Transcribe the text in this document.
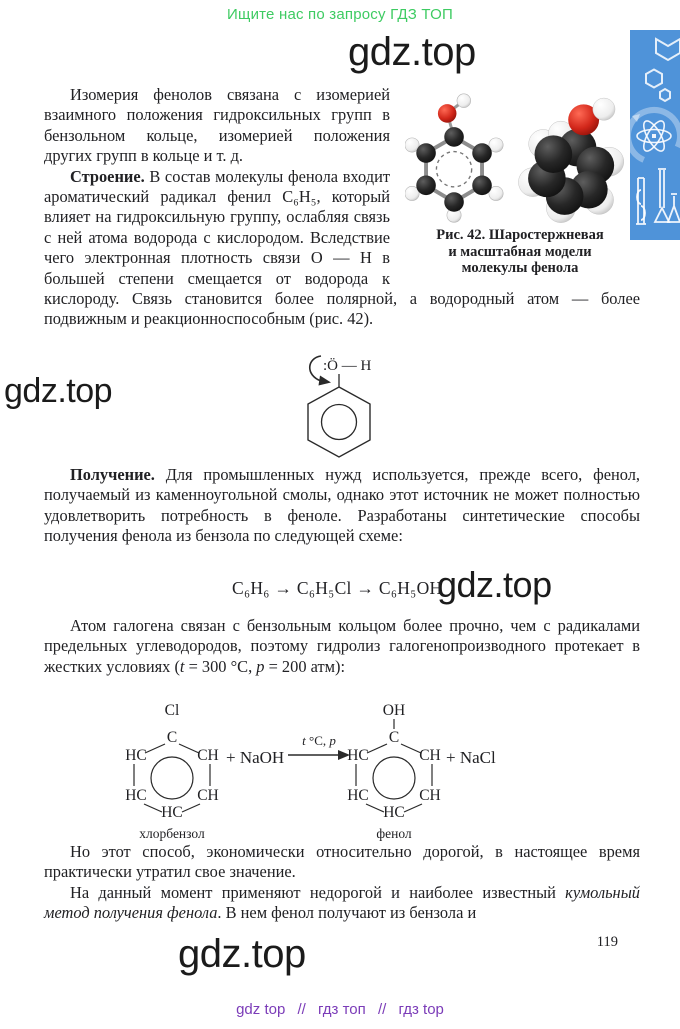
Ищите нас по запросу ГДЗ ТОП
gdz.top
gdz.top
gdz.top
gdz.top
Рис. 42. Шаростержневая
и масштабная модели
молекулы фенола

Изомерия фенолов связана с изомерией взаимного положения гидроксильных групп в бензольном кольце, изомерией положения других групп в кольце и т. д.

Строение. В состав молекулы фенола входит ароматический радикал фенил C₆H₅, который влияет на гидроксильную группу, ослабляя связь с ней атома водорода с кислородом. Вследствие чего электронная плотность связи О — Н в большей степени смещается от водорода к кислороду. Связь становится более полярной, а водородный атом — более подвижным и реакционноспособным (рис. 42).

:Ö — H

Получение. Для промышленных нужд используется, прежде всего, фенол, получаемый из каменноугольной смолы, однако этот источник не может полностью удовлетворить потребность в феноле. Разработаны синтетические способы получения фенола из бензола по следующей схеме:

C₆H₆ → C₆H₅Cl → C₆H₅OH

Атом галогена связан с бензольным кольцом более прочно, чем с радикалами предельных углеводородов, поэтому гидролиз галогенопроизводного протекает в жестких условиях (t = 300 °С, p = 200 атм):

Cl
C
HC	CH
HC	CH
HC
хлорбензол
+ NaOH
t °С, p
OH
C
HC	CH
HC	CH
HC
фенол
+ NaCl

Но этот способ, экономически относительно дорогой, в настоящее время практически утратил свое значение.

На данный момент применяют недорогой и наиболее известный кумольный метод получения фенола. В нем фенол получают из бензола и

119
gdz top // гдз топ // гдз top
